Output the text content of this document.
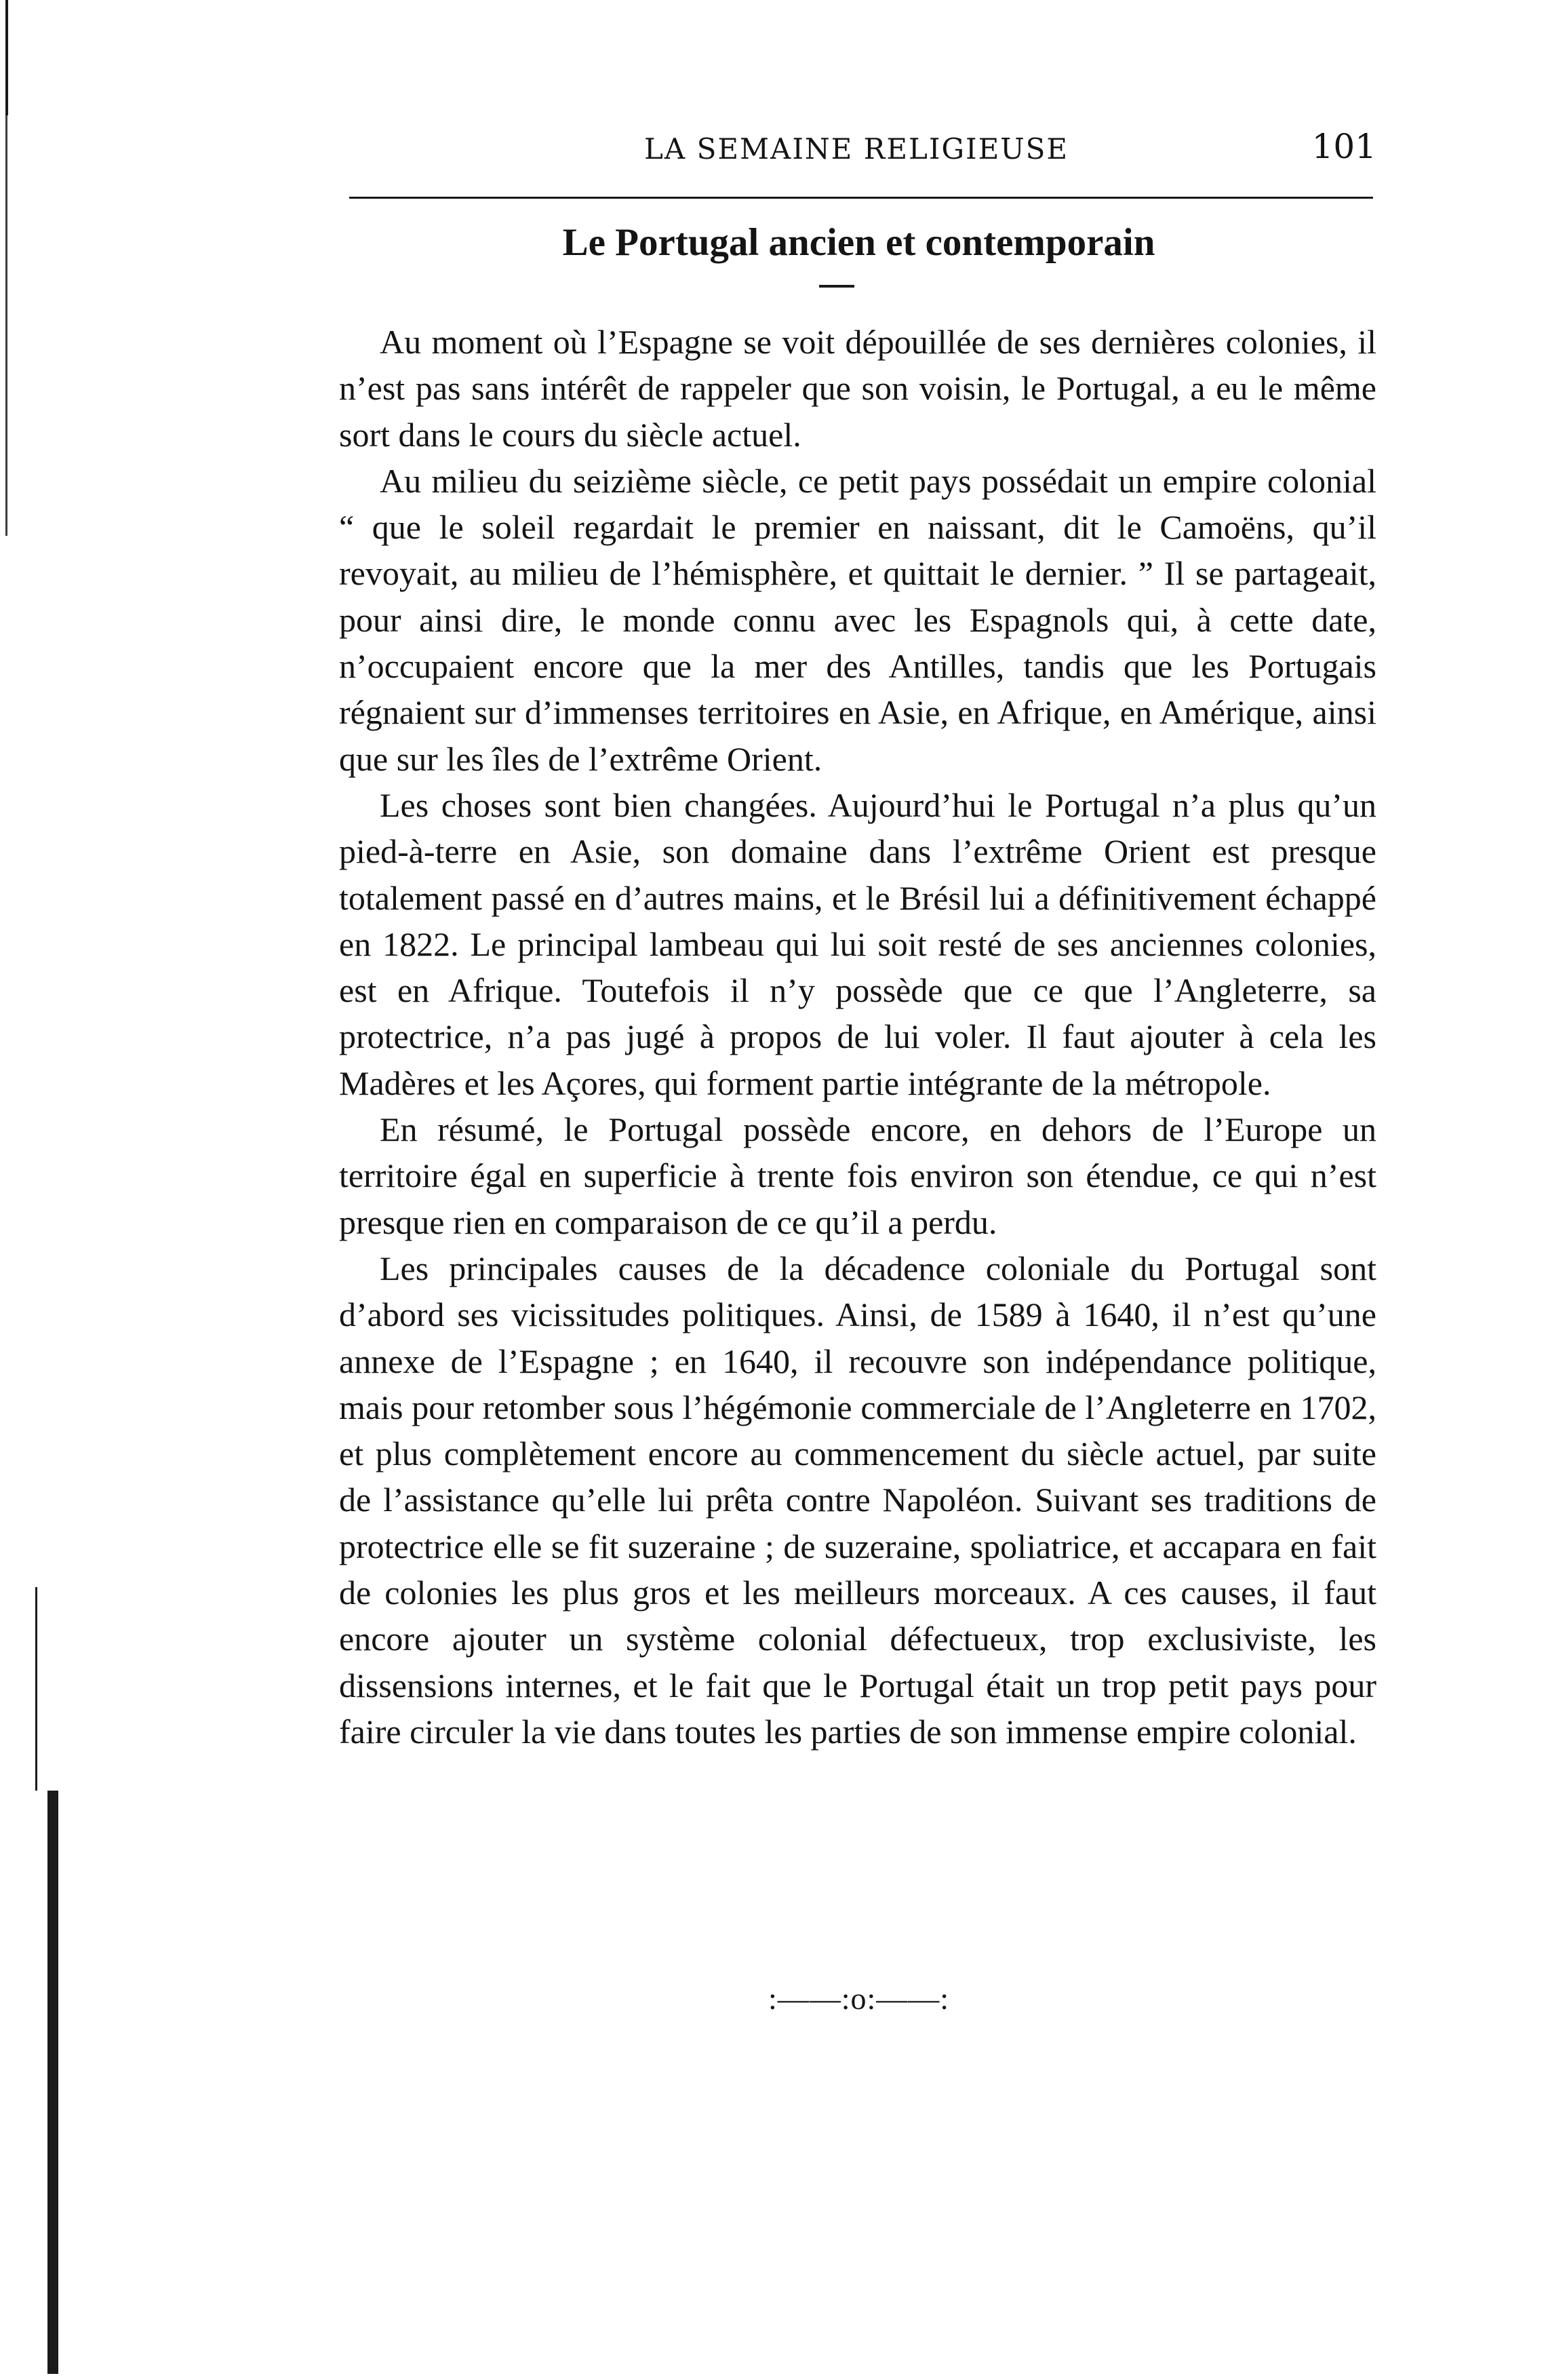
LA SEMAINE RELIGIEUSE	101
Le Portugal ancien et contemporain

Au moment où l’Espagne se voit dépouillée de ses dernières colonies, il n’est pas sans intérêt de rappeler que son voisin, le Portugal, a eu le même sort dans le cours du siècle actuel.

Au milieu du seizième siècle, ce petit pays possédait un empire colonial “ que le soleil regardait le premier en naissant, dit le Camoëns, qu’il revoyait, au milieu de l’hémisphère, et quittait le dernier. ” Il se partageait, pour ainsi dire, le monde connu avec les Espagnols qui, à cette date, n’occupaient encore que la mer des Antilles, tandis que les Portugais régnaient sur d’immenses territoires en Asie, en Afrique, en Amérique, ainsi que sur les îles de l’extrême Orient.

Les choses sont bien changées. Aujourd’hui le Portugal n’a plus qu’un pied-à-terre en Asie, son domaine dans l’extrême Orient est presque totalement passé en d’autres mains, et le Brésil lui a définitivement échappé en 1822. Le principal lambeau qui lui soit resté de ses anciennes colonies, est en Afrique. Toutefois il n’y possède que ce que l’Angleterre, sa protectrice, n’a pas jugé à propos de lui voler. Il faut ajouter à cela les Madères et les Açores, qui forment partie intégrante de la métropole.

En résumé, le Portugal possède encore, en dehors de l’Europe un territoire égal en superficie à trente fois environ son étendue, ce qui n’est presque rien en comparaison de ce qu’il a perdu.

Les principales causes de la décadence coloniale du Portugal sont d’abord ses vicissitudes politiques. Ainsi, de 1589 à 1640, il n’est qu’une annexe de l’Espagne ; en 1640, il recouvre son indépendance politique, mais pour retomber sous l’hégémonie commerciale de l’Angleterre en 1702, et plus complètement encore au commencement du siècle actuel, par suite de l’assistance qu’elle lui prêta contre Napoléon. Suivant ses traditions de protectrice elle se fit suzeraine ; de suzeraine, spoliatrice, et accapara en fait de colonies les plus gros et les meilleurs morceaux. A ces causes, il faut encore ajouter un système colonial défectueux, trop exclusiviste, les dissensions internes, et le fait que le Portugal était un trop petit pays pour faire circuler la vie dans toutes les parties de son immense empire colonial.

:——:o:——:
